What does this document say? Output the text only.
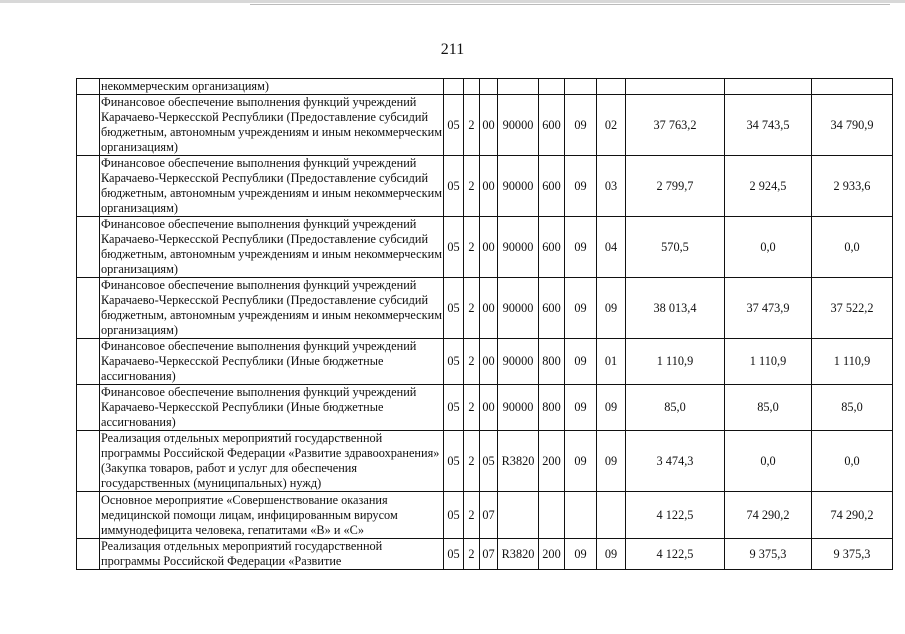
211
	некоммерческим организациям)										
	Финансовое обеспечение выполнения функций учреждений Карачаево-Черкесской Республики (Предоставление субсидий бюджетным, автономным учреждениям и иным некоммерческим организациям)	05	2	00	90000	600	09	02	37 763,2	34 743,5	34 790,9
	Финансовое обеспечение выполнения функций учреждений Карачаево-Черкесской Республики (Предоставление субсидий бюджетным, автономным учреждениям и иным некоммерческим организациям)	05	2	00	90000	600	09	03	2 799,7	2 924,5	2 933,6
	Финансовое обеспечение выполнения функций учреждений Карачаево-Черкесской Республики (Предоставление субсидий бюджетным, автономным учреждениям и иным некоммерческим организациям)	05	2	00	90000	600	09	04	570,5	0,0	0,0
	Финансовое обеспечение выполнения функций учреждений Карачаево-Черкесской Республики (Предоставление субсидий бюджетным, автономным учреждениям и иным некоммерческим организациям)	05	2	00	90000	600	09	09	38 013,4	37 473,9	37 522,2
	Финансовое обеспечение выполнения функций учреждений Карачаево-Черкесской Республики (Иные бюджетные ассигнования)	05	2	00	90000	800	09	01	1 110,9	1 110,9	1 110,9
	Финансовое обеспечение выполнения функций учреждений Карачаево-Черкесской Республики (Иные бюджетные ассигнования)	05	2	00	90000	800	09	09	85,0	85,0	85,0
	Реализация отдельных мероприятий государственной программы Российской Федерации «Развитие здравоохранения» (Закупка товаров, работ и услуг для обеспечения государственных (муниципальных) нужд)	05	2	05	R3820	200	09	09	3 474,3	0,0	0,0
	Основное мероприятие «Совершенствование оказания медицинской помощи лицам, инфицированным вирусом иммунодефицита человека, гепатитами «В» и «С»	05	2	07					4 122,5	74 290,2	74 290,2
	Реализация отдельных мероприятий государственной программы Российской Федерации «Развитие	05	2	07	R3820	200	09	09	4 122,5	9 375,3	9 375,3
